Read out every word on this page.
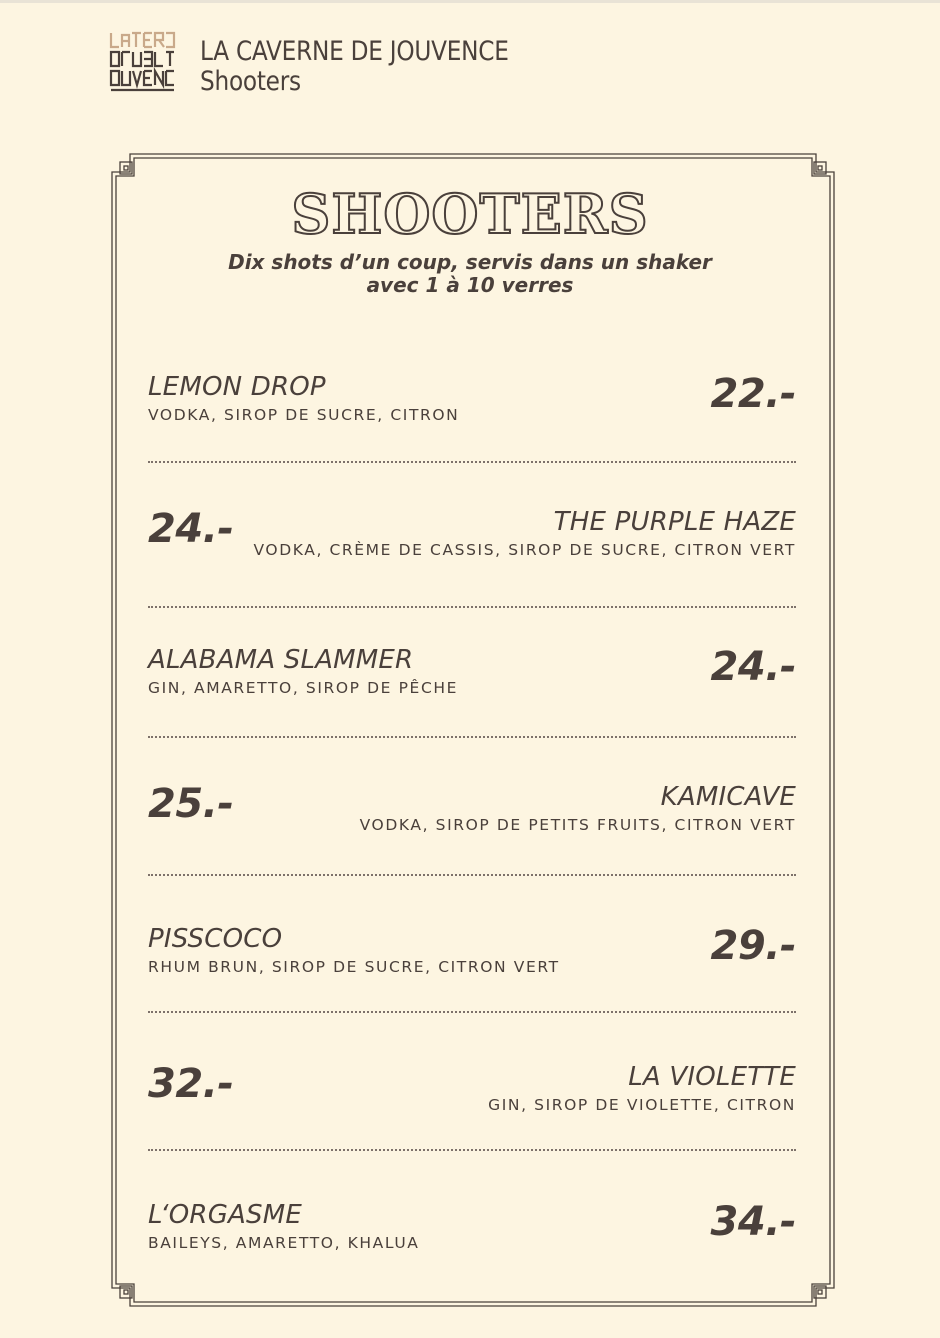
LA CAVERNE DE JOUVENCE
Shooters
SHOOTERS
Dix shots d’un coup, servis dans un shaker
avec 1 à 10 verres
LEMON DROP
VODKA, SIROP DE SUCRE, CITRON	22.-
THE PURPLE HAZE
VODKA, CRÈME DE CASSIS, SIROP DE SUCRE, CITRON VERT
24.-
ALABAMA SLAMMER
GIN, AMARETTO, SIROP DE PÊCHE	24.-
KAMICAVE
VODKA, SIROP DE PETITS FRUITS, CITRON VERT
25.-
PISSCOCO
RHUM BRUN, SIROP DE SUCRE, CITRON VERT	29.-
LA VIOLETTE
GIN, SIROP DE VIOLETTE, CITRON
32.-
L‘ORGASME
BAILEYS, AMARETTO, KHALUA	34.-
